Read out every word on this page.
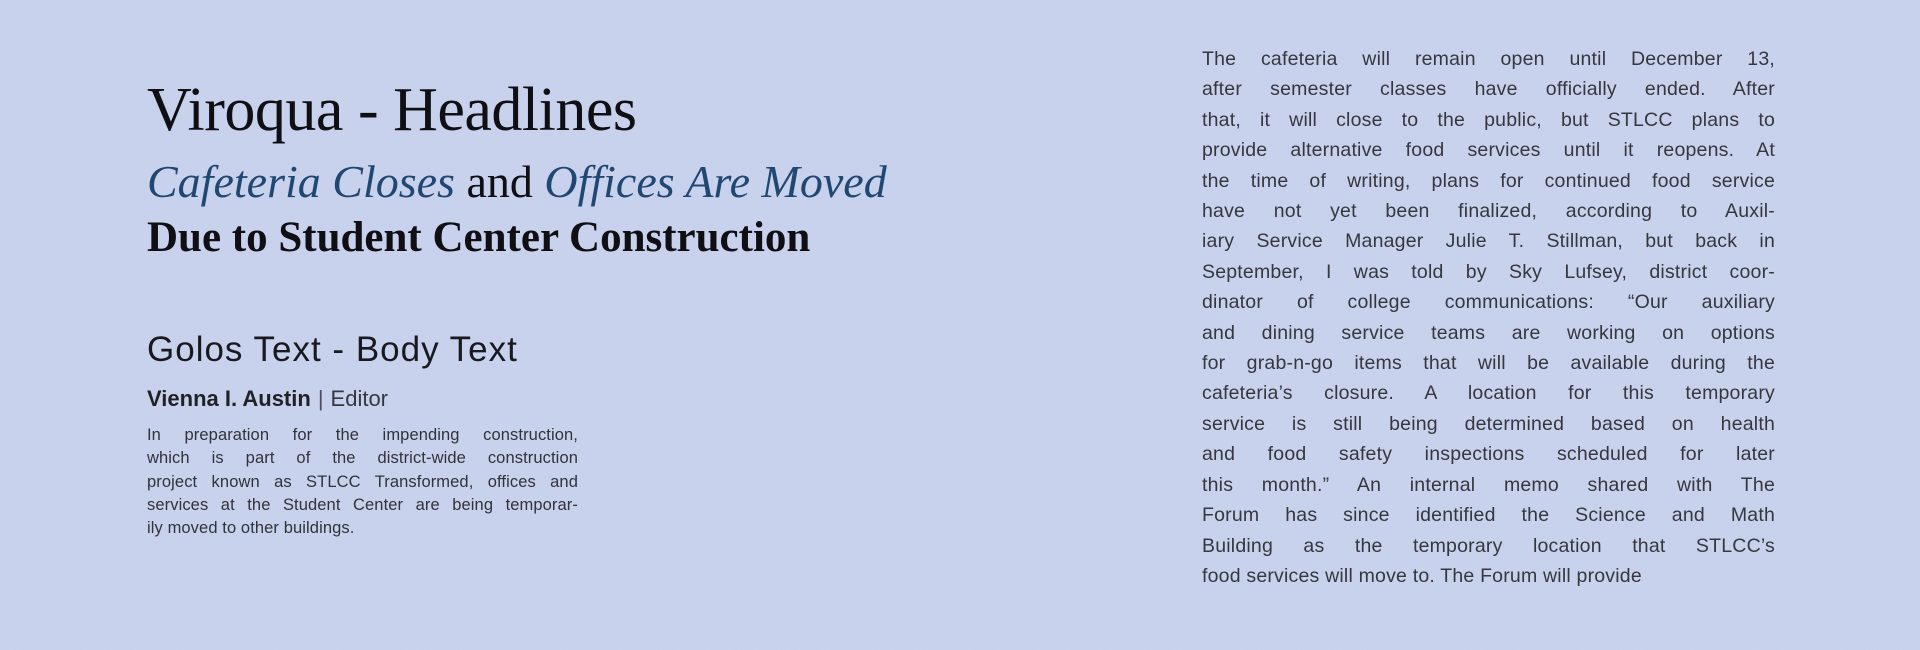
Viroqua - Headlines
Cafeteria Closes and Offices Are Moved
Due to Student Center Construction
Golos Text - Body Text
Vienna I. Austin | Editor
In preparation for the impending construction,
which is part of the district-wide construction
project known as STLCC Transformed, offices and
services at the Student Center are being temporar-
ily moved to other buildings.
The cafeteria will remain open until December 13,
after semester classes have officially ended. After
that, it will close to the public, but STLCC plans to
provide alternative food services until it reopens. At
the time of writing, plans for continued food service
have not yet been finalized, according to Auxil-
iary Service Manager Julie T. Stillman, but back in
September, I was told by Sky Lufsey, district coor-
dinator of college communications: “Our auxiliary
and dining service teams are working on options
for grab-n-go items that will be available during the
cafeteria’s closure. A location for this temporary
service is still being determined based on health
and food safety inspections scheduled for later
this month.” An internal memo shared with The
Forum has since identified the Science and Math
Building as the temporary location that STLCC’s
food services will move to. The Forum will provide
